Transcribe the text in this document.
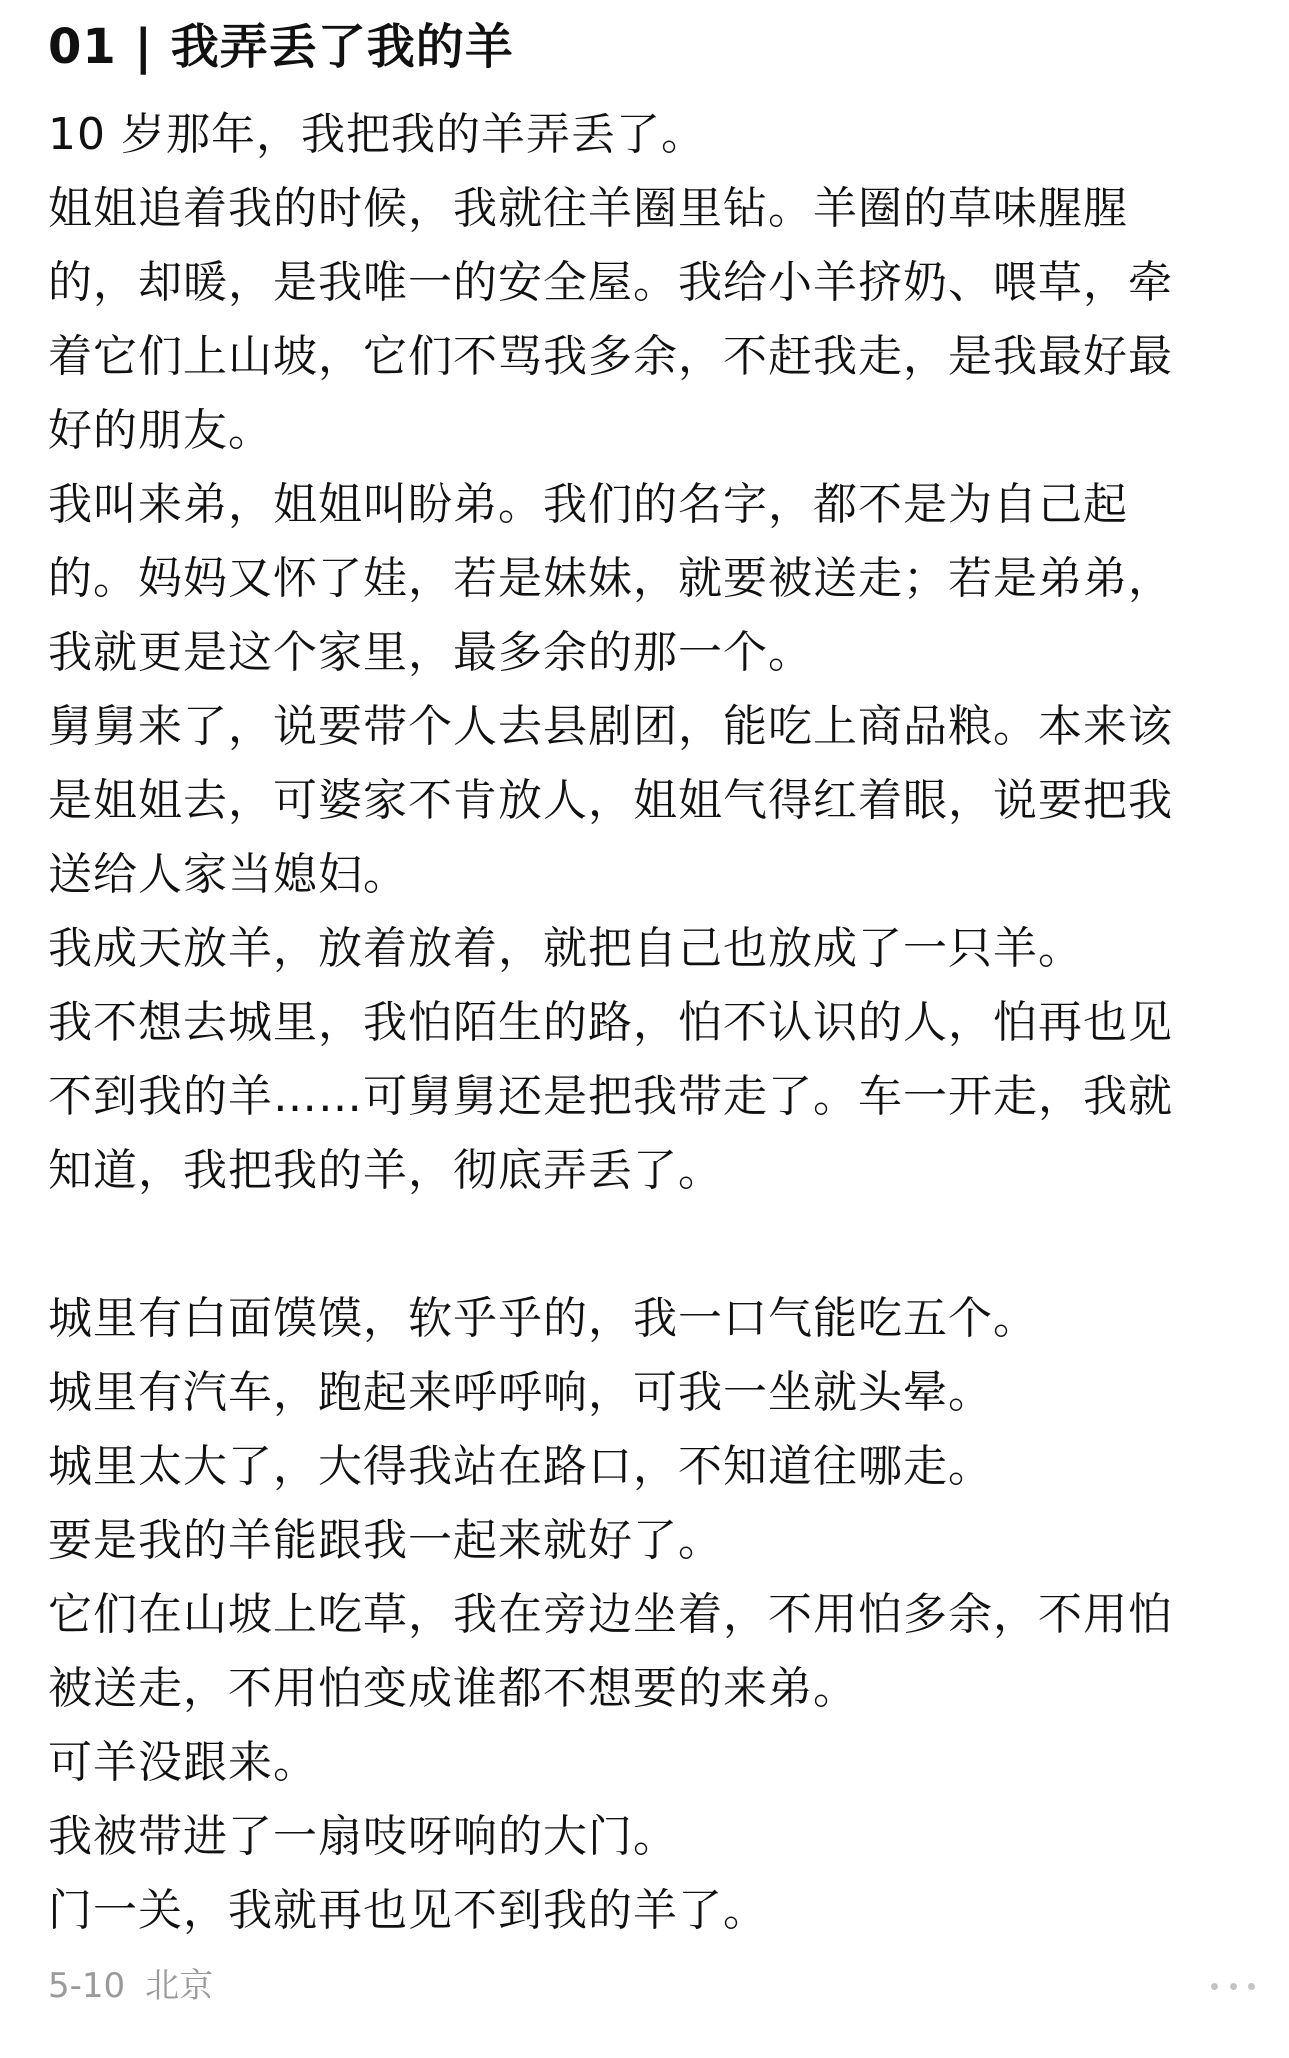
01 | 我弄丢了我的羊
10 岁那年，我把我的羊弄丢了。
姐姐追着我的时候，我就往羊圈里钻。羊圈的草味腥腥
的，却暖，是我唯一的安全屋。我给小羊挤奶、喂草，牵
着它们上山坡，它们不骂我多余，不赶我走，是我最好最
好的朋友。
我叫来弟，姐姐叫盼弟。我们的名字，都不是为自己起
的。妈妈又怀了娃，若是妹妹，就要被送走；若是弟弟，
我就更是这个家里，最多余的那一个。
舅舅来了，说要带个人去县剧团，能吃上商品粮。本来该
是姐姐去，可婆家不肯放人，姐姐气得红着眼，说要把我
送给人家当媳妇。
我成天放羊，放着放着，就把自己也放成了一只羊。
我不想去城里，我怕陌生的路，怕不认识的人，怕再也见
不到我的羊……可舅舅还是把我带走了。车一开走，我就
知道，我把我的羊，彻底弄丢了。
城里有白面馍馍，软乎乎的，我一口气能吃五个。
城里有汽车，跑起来呼呼响，可我一坐就头晕。
城里太大了，大得我站在路口，不知道往哪走。
要是我的羊能跟我一起来就好了。
它们在山坡上吃草，我在旁边坐着，不用怕多余，不用怕
被送走，不用怕变成谁都不想要的来弟。
可羊没跟来。
我被带进了一扇吱呀响的大门。
门一关，我就再也见不到我的羊了。
5-10 北京
